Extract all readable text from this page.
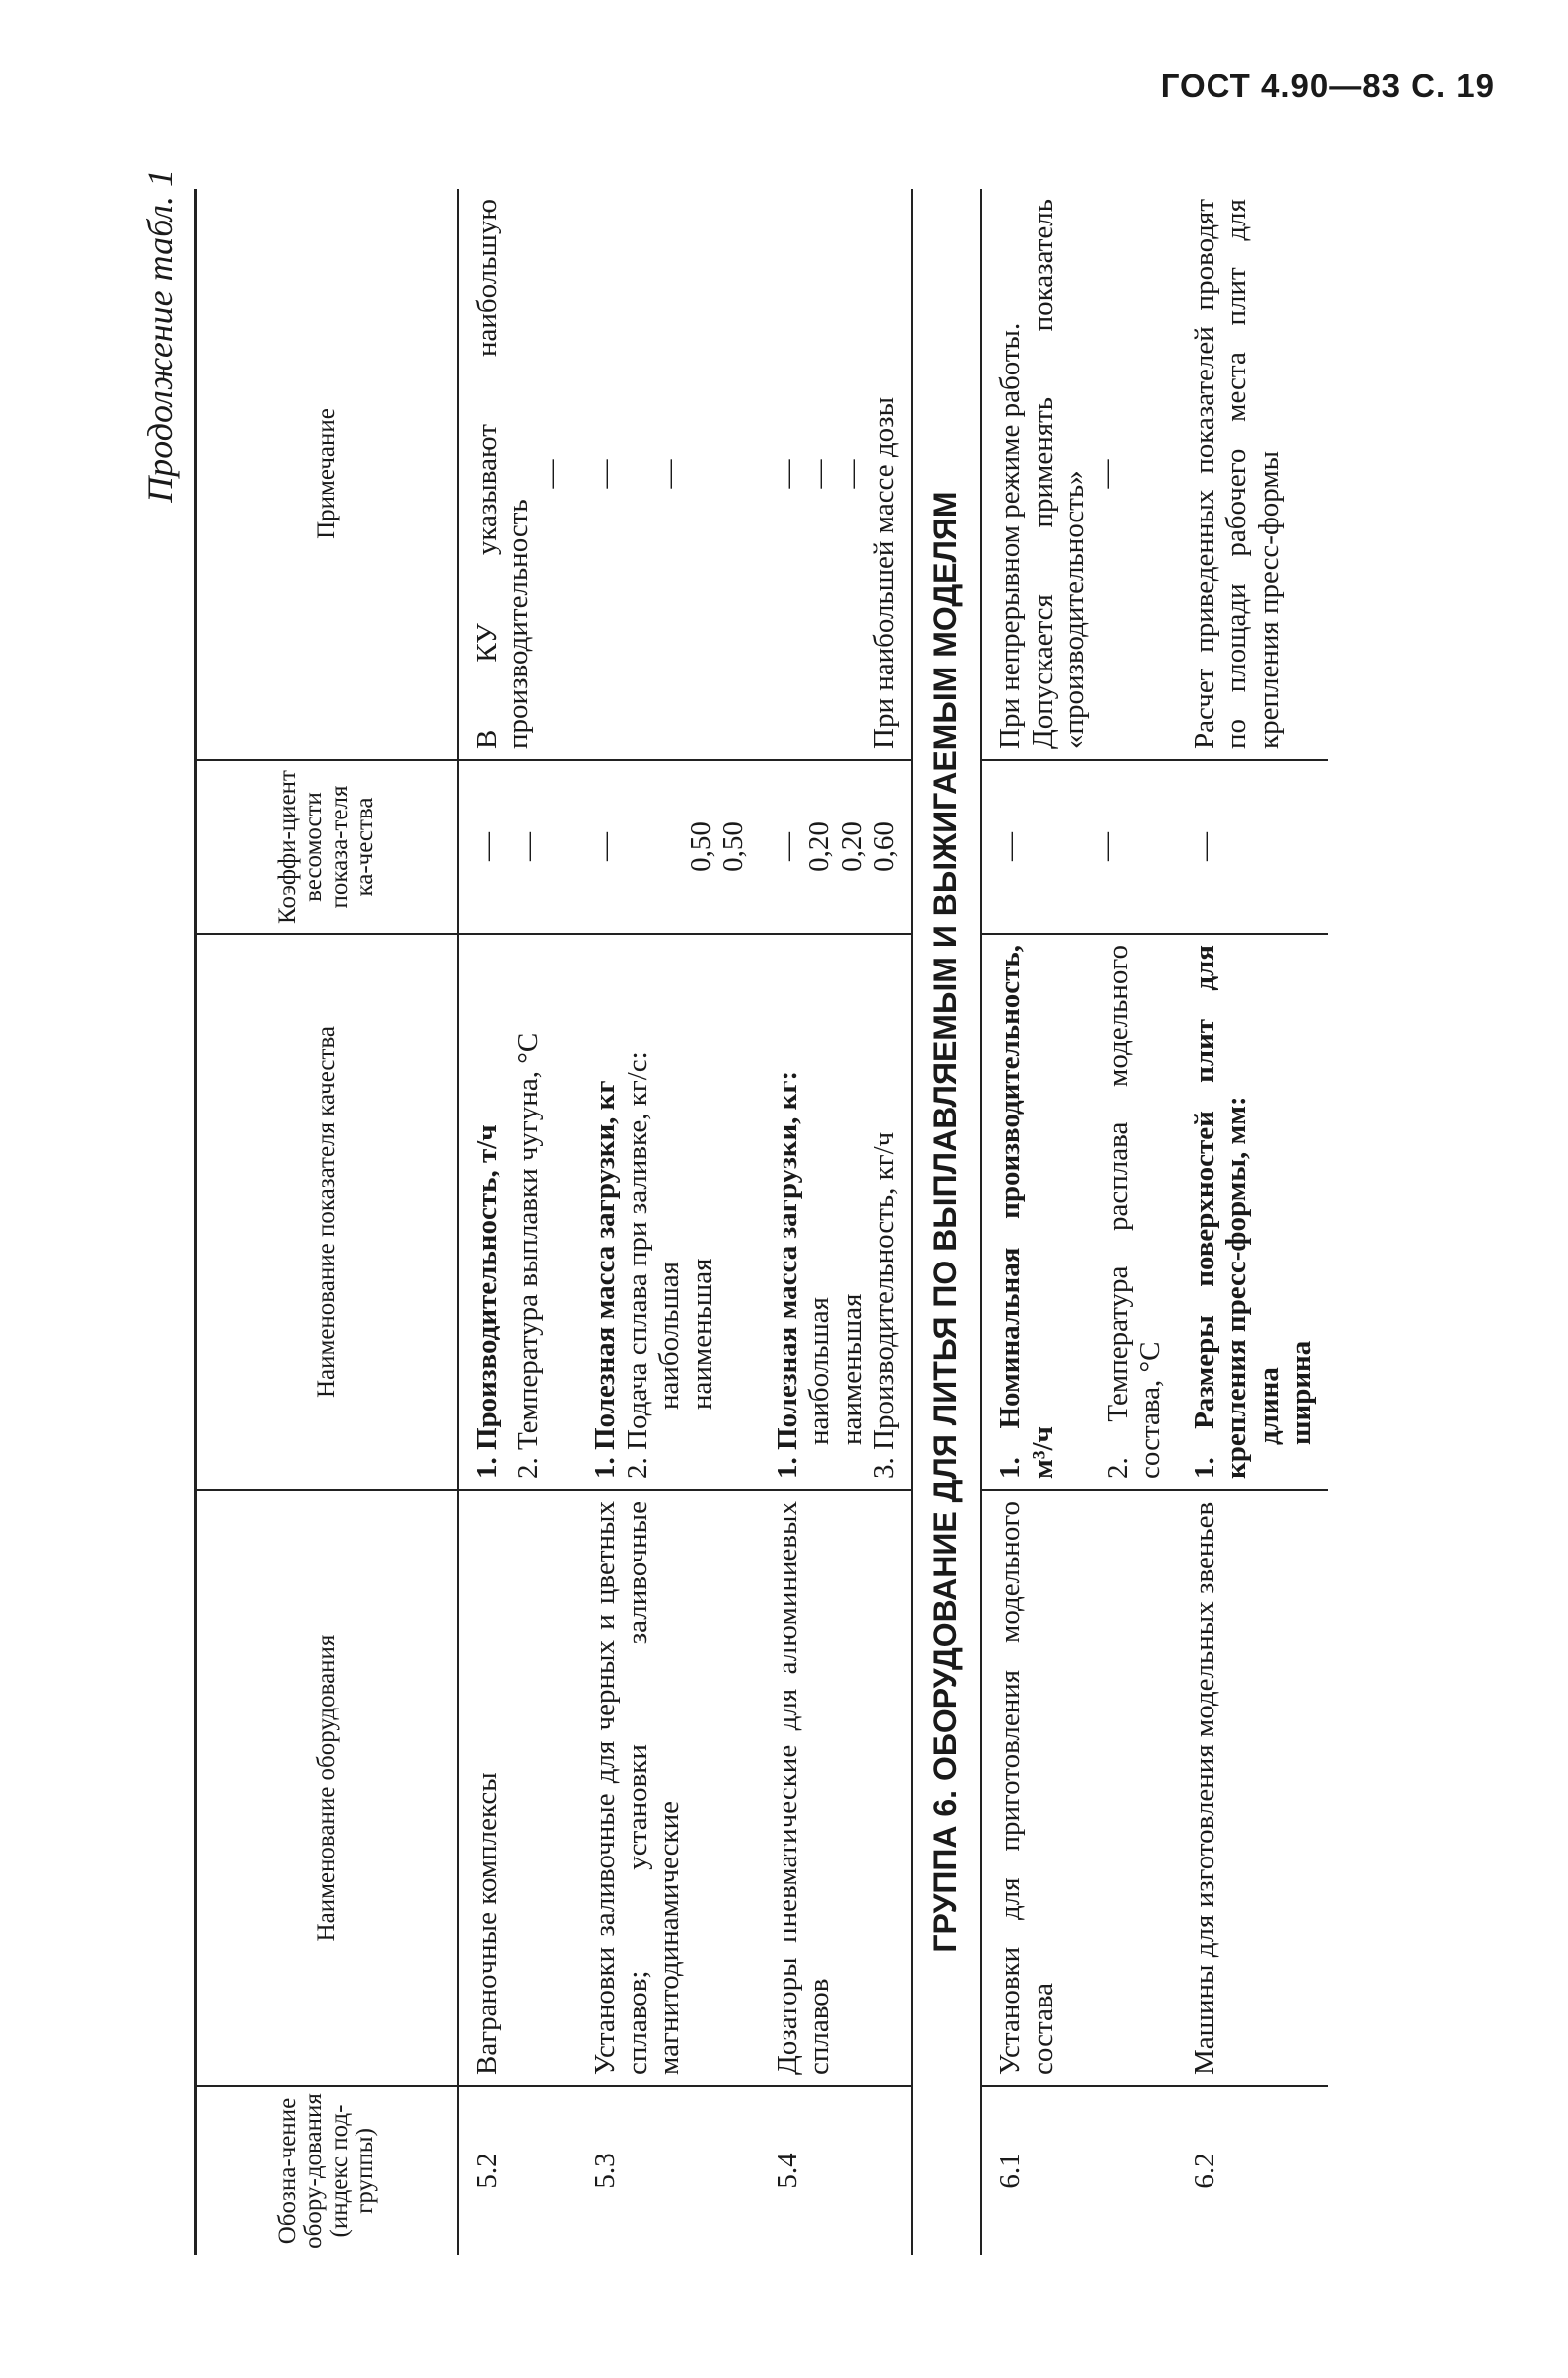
ГОСТ 4.90—83 С. 19
Продолжение табл. 1
Обозна-чение обору-дования (индекс под-группы)	Наименование оборудования	Наименование показателя качества	Коэффи-циент весомости показа-теля ка-чества	Примечание
5.2	Вагранoчные комплексы	1. Производительность, т/ч 2. Температура выплавки чугуна, °С	— —	В КУ указывают наибольшую производительность
—

5.3	Установки заливочные для черных и цветных сплавов; установки заливочные магнитодинамические	1. Полезная масса загрузки, кг 2. Подача сплава при заливке, кг/с: наибольшая наименьшая	— 0,50 0,50	— —

5.4	Дозаторы пневматические для алюминиевых сплавов	1. Полезная масса загрузки, кг: наибольшая наименьшая 3. Производительность, кг/ч	— 0,20 0,20 0,60	— — — При наибольшей массе дозы

ГРУППА 6. ОБОРУДОВАНИЕ ДЛЯ ЛИТЬЯ ПО ВЫПЛАВЛЯЕМЫМ И ВЫЖИГАЕМЫМ МОДЕЛЯМ				
6.1	Установки для приготовления модельного состава	1. Номинальная производительность, м³/ч 2. Температура расплава модельного состава, °С	— —	При непрерывном режиме работы. Допускается применять показатель «производительность» —

6.2	Машины для изготовления модельных звеньев	1. Размеры поверхностей плит для крепления пресс-формы, мм: длина ширина	—	Расчет приведенных показателей проводят по площади рабочего места плит для крепления пресс-формы
